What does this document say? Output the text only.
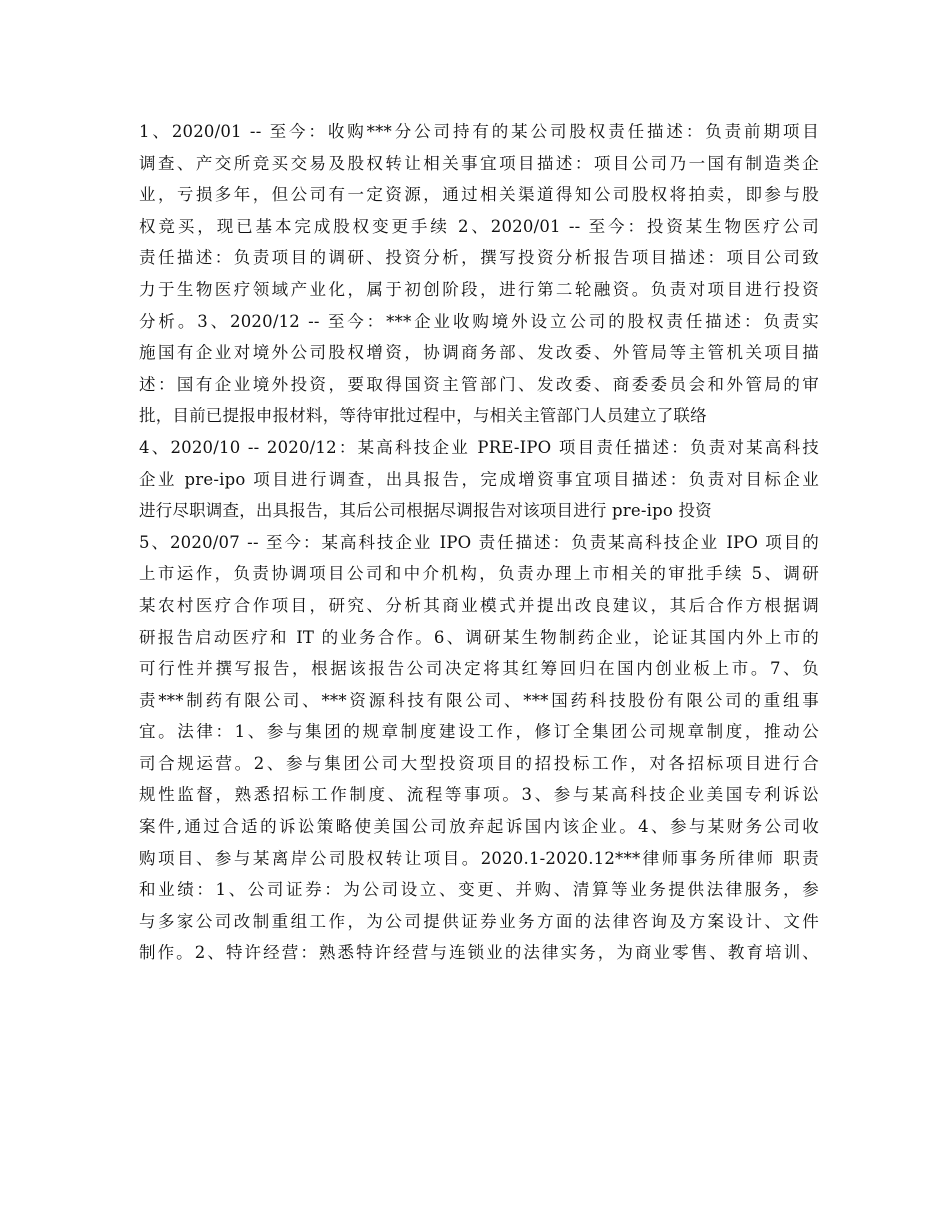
1、2020/01 -- 至今：收购***分公司持有的某公司股权责任描述：负责前期项目
调查、产交所竞买交易及股权转让相关事宜项目描述：项目公司乃一国有制造类企
业，亏损多年，但公司有一定资源，通过相关渠道得知公司股权将拍卖，即参与股
权竞买，现已基本完成股权变更手续 2、2020/01 -- 至今：投资某生物医疗公司
责任描述：负责项目的调研、投资分析，撰写投资分析报告项目描述：项目公司致
力于生物医疗领域产业化，属于初创阶段，进行第二轮融资。负责对项目进行投资
分析。3、2020/12 -- 至今：***企业收购境外设立公司的股权责任描述：负责实
施国有企业对境外公司股权增资，协调商务部、发改委、外管局等主管机关项目描
述：国有企业境外投资，要取得国资主管部门、发改委、商委委员会和外管局的审
批，目前已提报申报材料，等待审批过程中，与相关主管部门人员建立了联络
4、2020/10 -- 2020/12：某高科技企业 PRE-IPO 项目责任描述：负责对某高科技
企业 pre-ipo 项目进行调查，出具报告，完成增资事宜项目描述：负责对目标企业
进行尽职调查，出具报告，其后公司根据尽调报告对该项目进行 pre-ipo 投资
5、2020/07 -- 至今：某高科技企业 IPO 责任描述：负责某高科技企业 IPO 项目的
上市运作，负责协调项目公司和中介机构，负责办理上市相关的审批手续 5、调研
某农村医疗合作项目，研究、分析其商业模式并提出改良建议，其后合作方根据调
研报告启动医疗和 IT 的业务合作。6、调研某生物制药企业，论证其国内外上市的
可行性并撰写报告，根据该报告公司决定将其红筹回归在国内创业板上市。7、负
责***制药有限公司、***资源科技有限公司、***国药科技股份有限公司的重组事
宜。法律：1、参与集团的规章制度建设工作，修订全集团公司规章制度，推动公
司合规运营。2、参与集团公司大型投资项目的招投标工作，对各招标项目进行合
规性监督，熟悉招标工作制度、流程等事项。3、参与某高科技企业美国专利诉讼
案件,通过合适的诉讼策略使美国公司放弃起诉国内该企业。4、参与某财务公司收
购项目、参与某离岸公司股权转让项目。2020.1-2020.12***律师事务所律师 职责
和业绩：1、公司证券：为公司设立、变更、并购、清算等业务提供法律服务，参
与多家公司改制重组工作，为公司提供证券业务方面的法律咨询及方案设计、文件
制作。2、特许经营：熟悉特许经营与连锁业的法律实务，为商业零售、教育培训、
